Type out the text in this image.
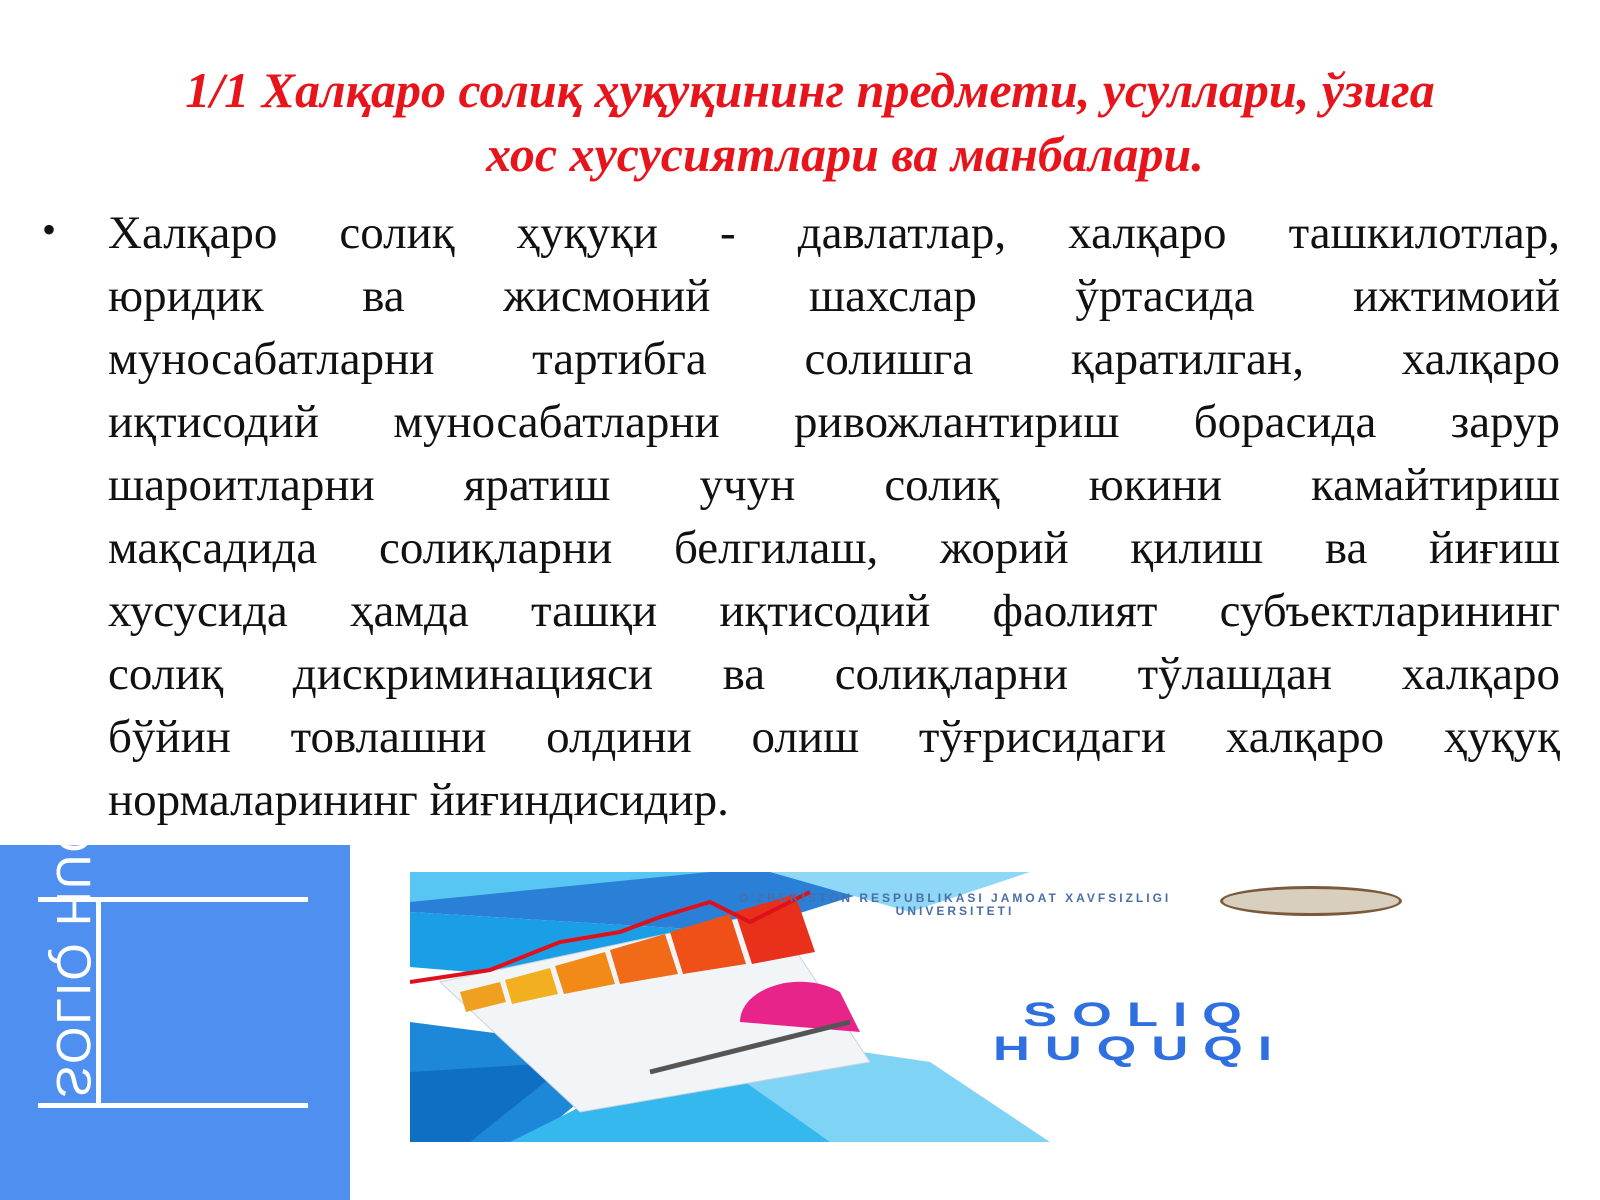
1/1 Халқаро солиқ ҳуқуқининг предмети, усуллари, ўзига
хос хусусиятлари ва манбалари.
• Халқаро солиқ ҳуқуқи - давлатлар, халқаро ташкилотлар,
юридик ва жисмоний шахслар ўртасида ижтимоий
муносабатларни тартибга солишга қаратилган, халқаро
иқтисодий муносабатларни ривожлантириш борасида зарур
шароитларни яратиш учун солиқ юкини камайтириш
мақсадида солиқларни белгилаш, жорий қилиш ва йиғиш
хусусида ҳамда ташқи иқтисодий фаолият субъектларининг
солиқ дискриминацияси ва солиқларни тўлашдан халқаро
бўйин товлашни олдини олиш тўғрисидаги халқаро ҳуқуқ
нормаларининг йиғиндисидир.
SOLIQ HUQUQI	O'ZBEKISTON RESPUBLIKASI JAMOAT XAVFSIZLIGI UNIVERSITETI
SOLIQ
HUQUQI
